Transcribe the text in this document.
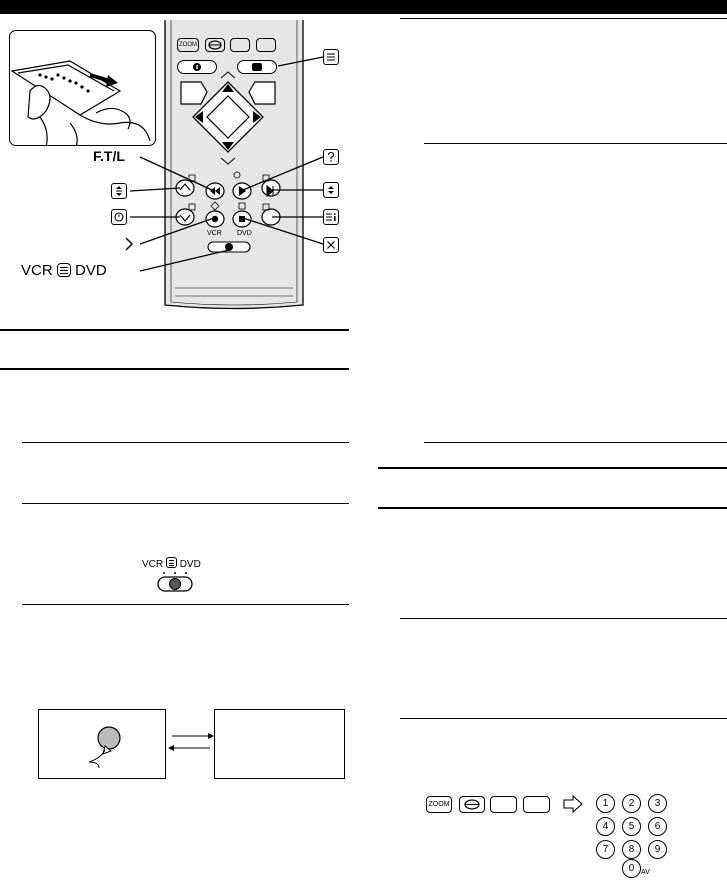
ZOOM
VCR DVD
F.T/L
VCR DVD
VCR DVD
ZOOM	1	2	3
4	5	6
7	8	9
0 AV
